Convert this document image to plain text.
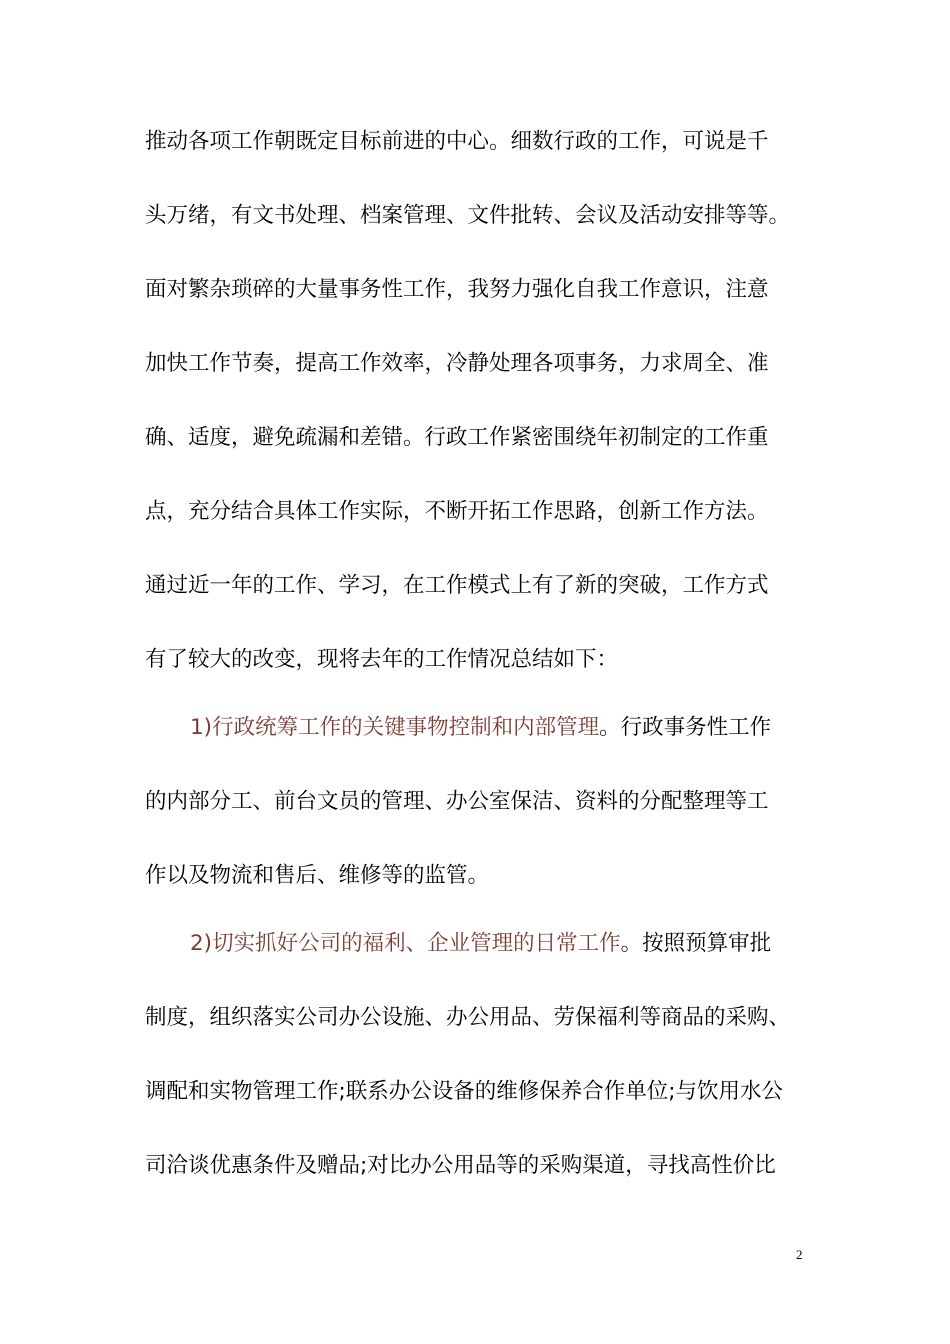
推动各项工作朝既定目标前进的中心。细数行政的工作，可说是千
头万绪，有文书处理、档案管理、文件批转、会议及活动安排等等。
面对繁杂琐碎的大量事务性工作，我努力强化自我工作意识，注意
加快工作节奏，提高工作效率，冷静处理各项事务，力求周全、准
确、适度，避免疏漏和差错。行政工作紧密围绕年初制定的工作重
点，充分结合具体工作实际，不断开拓工作思路，创新工作方法。
通过近一年的工作、学习，在工作模式上有了新的突破，工作方式
有了较大的改变，现将去年的工作情况总结如下：
1)行政统筹工作的关键事物控制和内部管理。行政事务性工作
的内部分工、前台文员的管理、办公室保洁、资料的分配整理等工
作以及物流和售后、维修等的监管。
2)切实抓好公司的福利、企业管理的日常工作。按照预算审批
制度，组织落实公司办公设施、办公用品、劳保福利等商品的采购、
调配和实物管理工作;联系办公设备的维修保养合作单位;与饮用水公
司洽谈优惠条件及赠品;对比办公用品等的采购渠道，寻找高性价比
2
